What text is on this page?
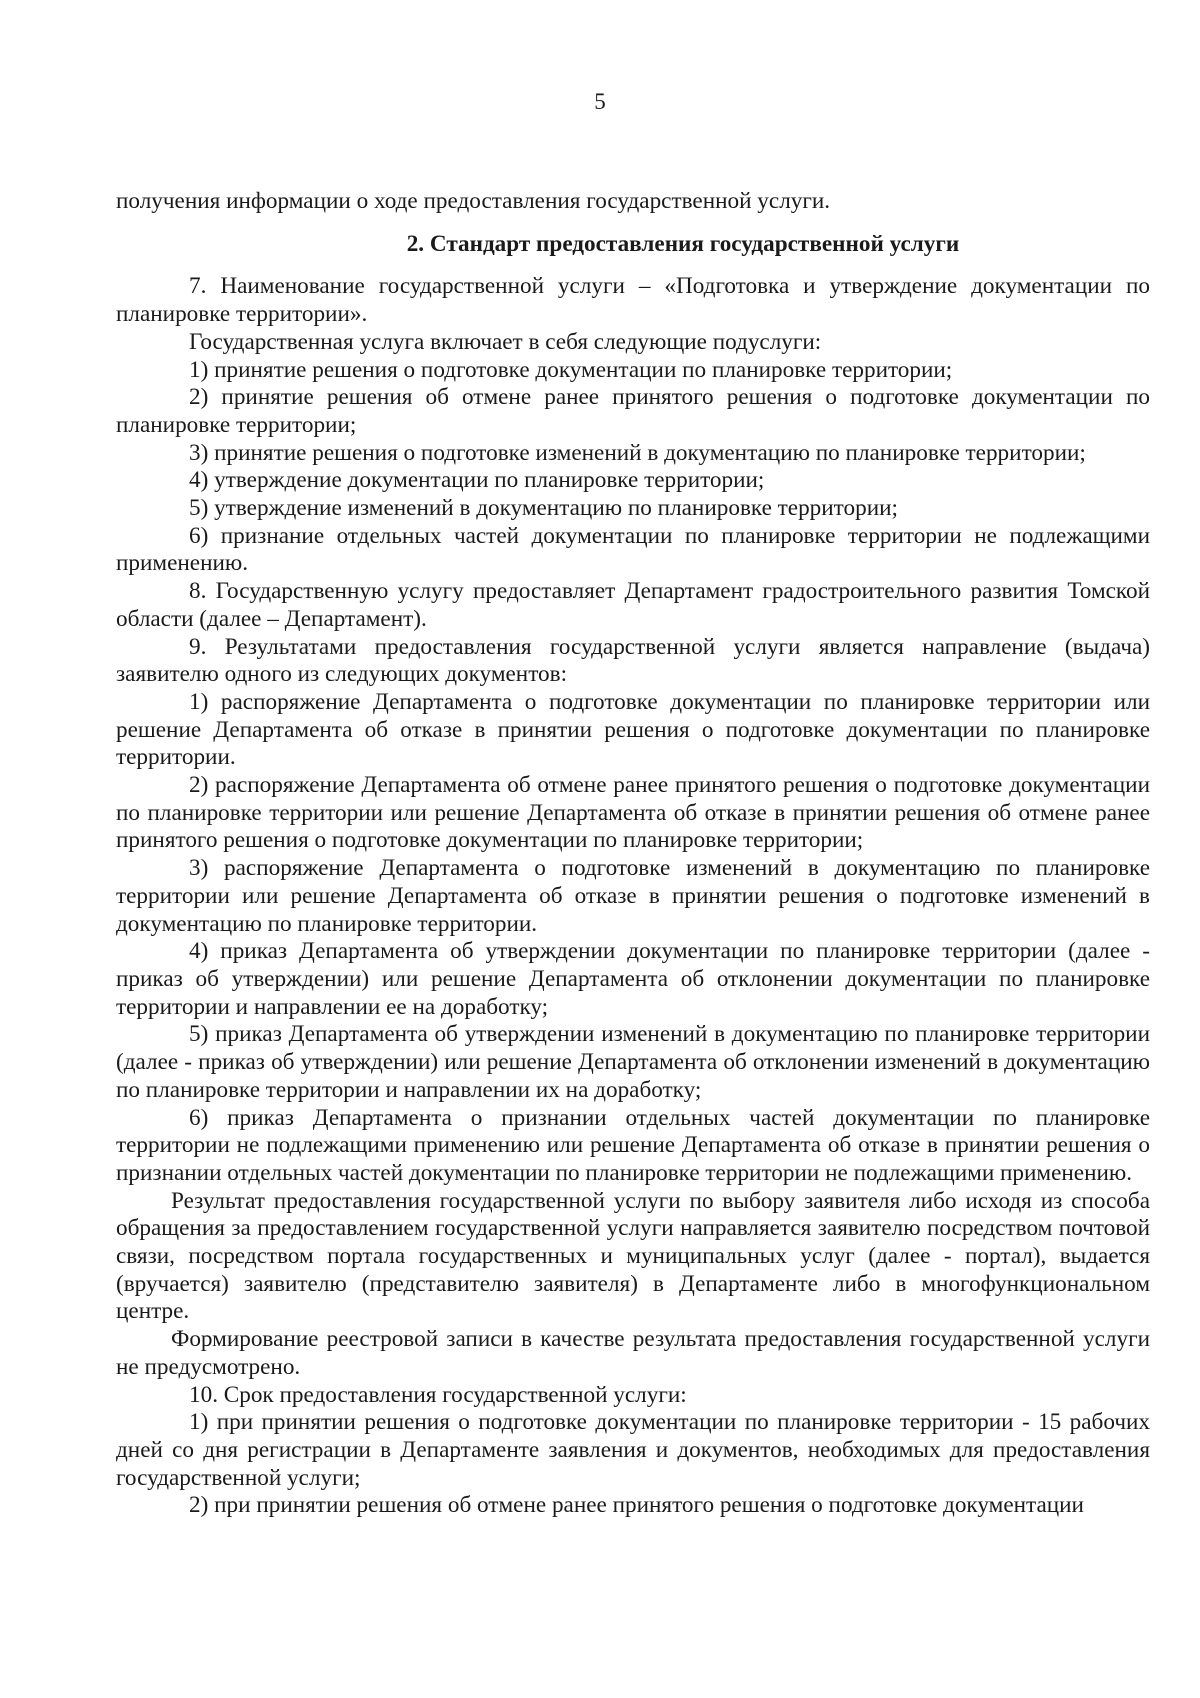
5

получения информации о ходе предоставления государственной услуги.

2. Стандарт предоставления государственной услуги

7. Наименование государственной услуги – «Подготовка и утверждение документации по планировке территории».

Государственная услуга включает в себя следующие подуслуги:

1) принятие решения о подготовке документации по планировке территории;

2) принятие решения об отмене ранее принятого решения о подготовке документации по планировке территории;

3) принятие решения о подготовке изменений в документацию по планировке территории;

4) утверждение документации по планировке территории;

5) утверждение изменений в документацию по планировке территории;

6) признание отдельных частей документации по планировке территории не подлежащими применению.

8. Государственную услугу предоставляет Департамент градостроительного развития Томской области (далее – Департамент).

9. Результатами предоставления государственной услуги является направление (выдача) заявителю одного из следующих документов:

1) распоряжение Департамента о подготовке документации по планировке территории или решение Департамента об отказе в принятии решения о подготовке документации по планировке территории.

2) распоряжение Департамента об отмене ранее принятого решения о подготовке документации по планировке территории или решение Департамента об отказе в принятии решения об отмене ранее принятого решения о подготовке документации по планировке территории;

3) распоряжение Департамента о подготовке изменений в документацию по планировке территории или решение Департамента об отказе в принятии решения о подготовке изменений в документацию по планировке территории.

4) приказ Департамента об утверждении документации по планировке территории (далее - приказ об утверждении) или решение Департамента об отклонении документации по планировке территории и направлении ее на доработку;

5) приказ Департамента об утверждении изменений в документацию по планировке территории (далее - приказ об утверждении) или решение Департамента об отклонении изменений в документацию по планировке территории и направлении их на доработку;

6) приказ Департамента о признании отдельных частей документации по планировке территории не подлежащими применению или решение Департамента об отказе в принятии решения о признании отдельных частей документации по планировке территории не подлежащими применению.

Результат предоставления государственной услуги по выбору заявителя либо исходя из способа обращения за предоставлением государственной услуги направляется заявителю посредством почтовой связи, посредством портала государственных и муниципальных услуг (далее - портал), выдается (вручается) заявителю (представителю заявителя) в Департаменте либо в многофункциональном центре.

Формирование реестровой записи в качестве результата предоставления государственной услуги не предусмотрено.

10. Срок предоставления государственной услуги:

1) при принятии решения о подготовке документации по планировке территории - 15 рабочих дней со дня регистрации в Департаменте заявления и документов, необходимых для предоставления государственной услуги;

2) при принятии решения об отмене ранее принятого решения о подготовке документации
